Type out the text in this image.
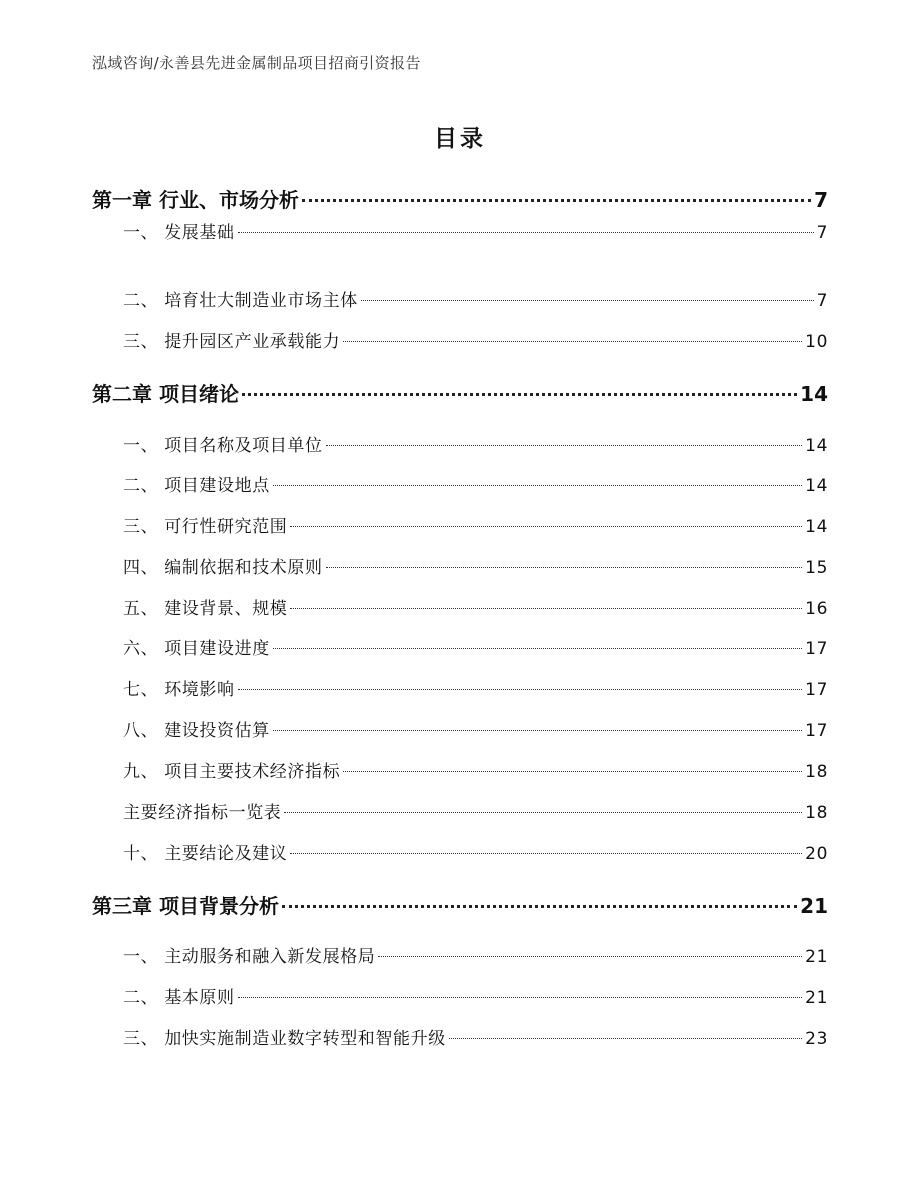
泓域咨询/永善县先进金属制品项目招商引资报告
目录
第一章 行业、市场分析	7
一、 发展基础	7
二、 培育壮大制造业市场主体	7
三、 提升园区产业承载能力	10
第二章 项目绪论	14
一、 项目名称及项目单位	14
二、 项目建设地点	14
三、 可行性研究范围	14
四、 编制依据和技术原则	15
五、 建设背景、规模	16
六、 项目建设进度	17
七、 环境影响	17
八、 建设投资估算	17
九、 项目主要技术经济指标	18
主要经济指标一览表	18
十、 主要结论及建议	20
第三章 项目背景分析	21
一、 主动服务和融入新发展格局	21
二、 基本原则	21
三、 加快实施制造业数字转型和智能升级	23
